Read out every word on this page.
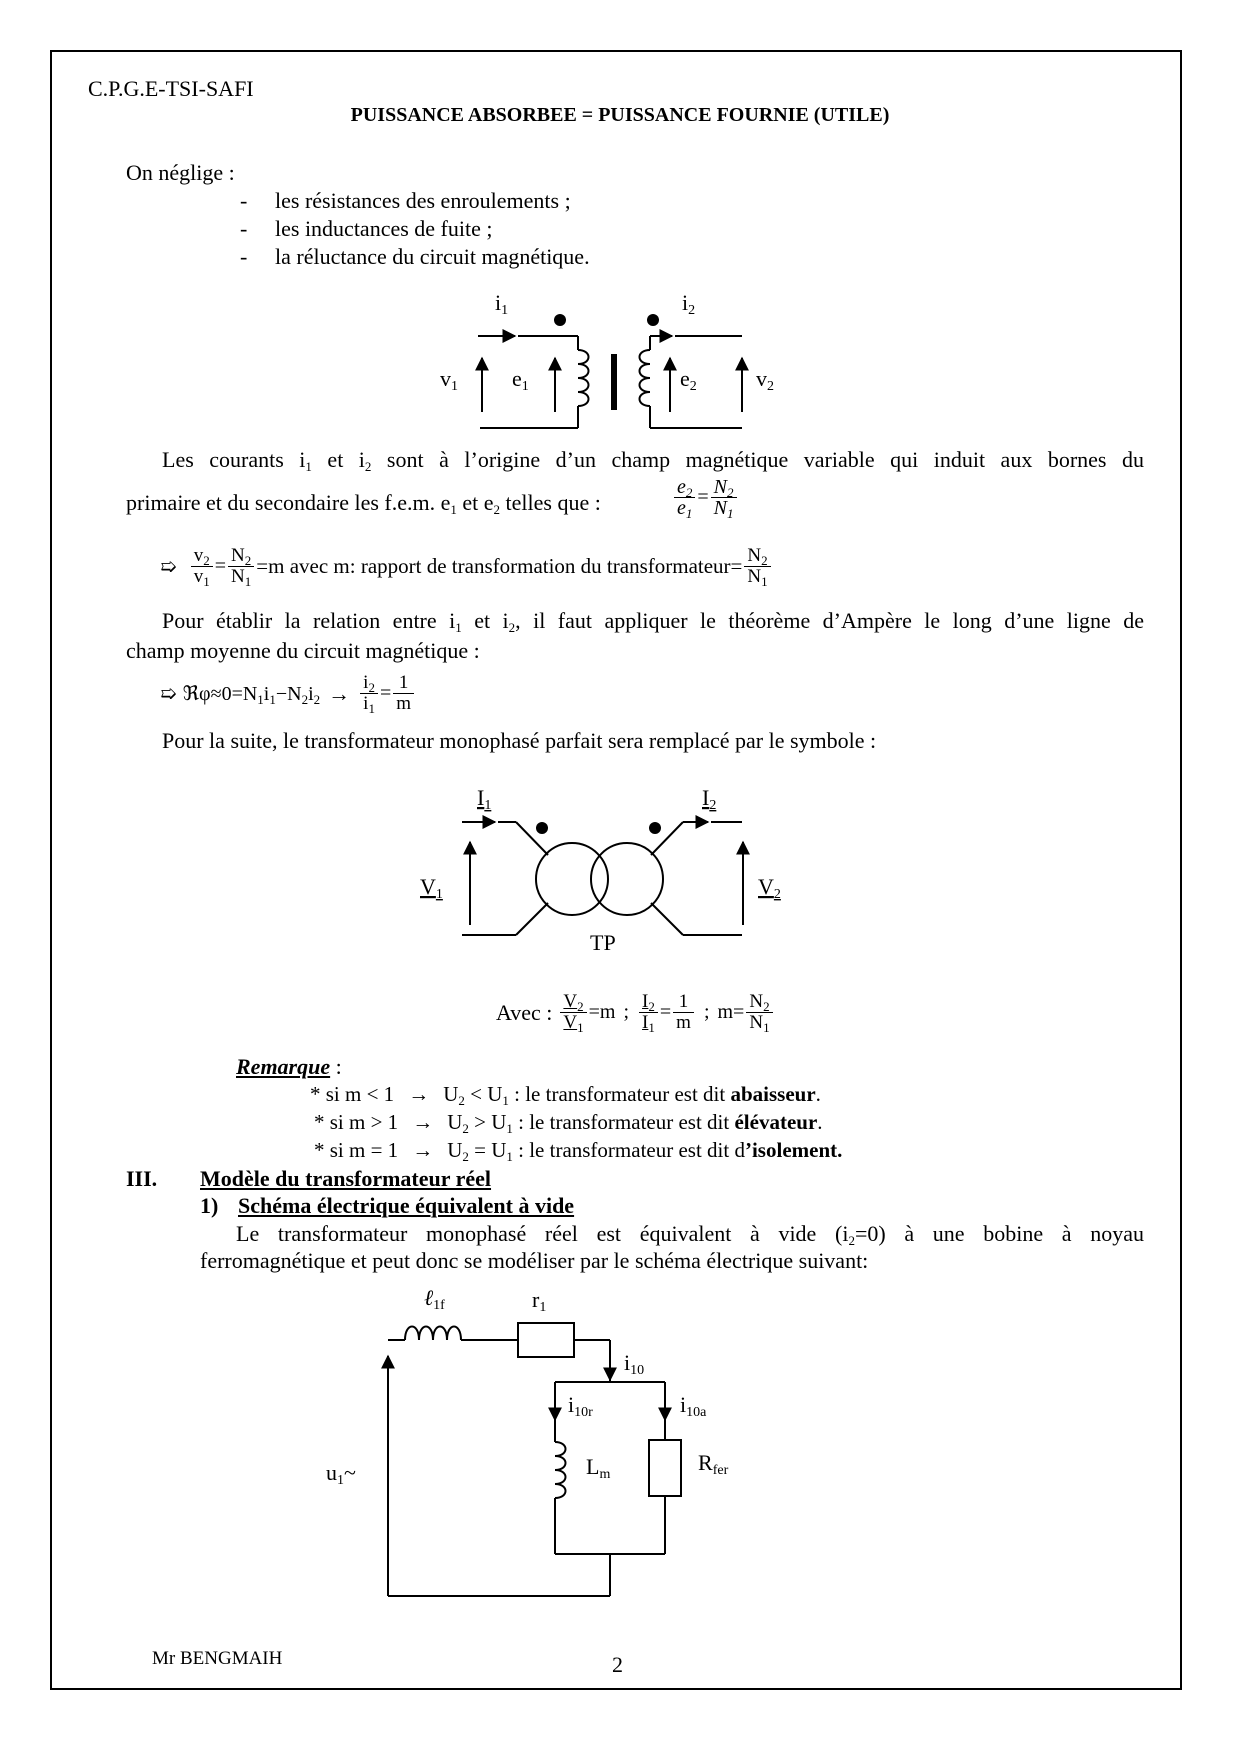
C.P.G.E-TSI-SAFI
PUISSANCE ABSORBEE = PUISSANCE FOURNIE (UTILE)
On néglige :
- les résistances des enroulements ;
- les inductances de fuite ;
- la réluctance du circuit magnétique.
i1	i2
v1 e1	e2	v2
Les courants $i_1$ et $i_2$ sont à l’origine d’un champ magnétique variable qui induit aux bornes du
primaire et du secondaire les f.e.m. $e_1$ et $e_2$ telles que :	$\frac{e_2}{e_1} = \frac{N_2}{N_1}$
➯ $\frac{v_2}{v_1} = \frac{N_2}{N_1} =m$ avec m: rapport de transformation du transformateur= $\frac{N_2}{N_1}$
Pour établir la relation entre $i_1$ et $i_2$, il faut appliquer le théorème d’Ampère le long d’une ligne de
champ moyenne du circuit magnétique :
➯ $ℜ\varphi\approx 0=N_1i_1-N_2i_2 \to \frac{i_2}{i_1} = \frac{1}{m}$
Pour la suite, le transformateur monophasé parfait sera remplacé par le symbole :
I1	I2
V1	V2
TP
Avec : $\frac{V_2}{V_1} =m$ ; $\frac{I_2}{I_1} = \frac{1}{m}$ ; $m= \frac{N_2}{N_1}$
Remarque :
* si $m < 1 \to U_2 < U_1$ : le transformateur est dit abaisseur.
* si $m > 1 \to U_2 > U_1$ : le transformateur est dit élévateur.
* si $m = 1 \to U_2 = U_1$ : le transformateur est dit d’isolement.
III. Modèle du transformateur réel
1) Schéma électrique équivalent à vide
Le transformateur monophasé réel est équivalent à vide $(i_2=0)$ à une bobine à noyau
ferromagnétique et peut donc se modéliser par le schéma électrique suivant:
ℓ1f	r1
i10
i10r	i10a
u1~	Lm	Rfer
Mr BENGMAIH	2
